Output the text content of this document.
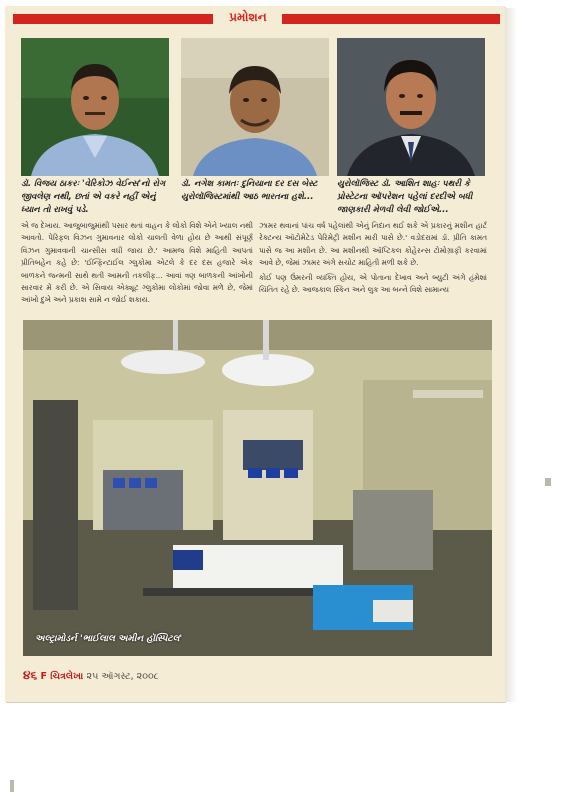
પ્રમોશન
ડૉ. વિજય ઠાકરઃ 'વેરિકોઝ વેઈન્સ'નો રોગ જીવલેણ નથી, છતાં એ વકરે નહીં એનું ધ્યાન તો રાખવું પડે.
ડૉ. નગેશ કામતઃ દુનિયાના દર દસ બેસ્ટ યુરોલૉજિસ્ટમાંથી આઠ ભારતના હશે...
યુરોલૉજિસ્ટ ડૉ. આશિત શાહઃ પથરી કે પ્રોસ્ટેટના ઑપરેશન પહેલાં દરદીએ બધી જાણકારી મેળવી લેવી જોઈએ...

એ જ દેખાય. આજુબાજુમાંથી પસાર થતાં વાહન કે લોકો વિશે એને ખ્યાલ નથી આવતો. પેરિફલ વિઝન ગુમાવનાર લોકો ચાલતી વેળા હોય છે આથી સંપૂર્ણ વિઝન ગુમાવવાની ચાન્સીસ વધી જાય છે.' આમજ વિશે માહિતી આપતાં પ્રીતિબહેન કહે છે: 'ઈન્ફિન્ટાઈલ ગ્લુકોમા એટલે કે દર દસ હજારે એક બાળકને જન્મની સાથે થતી આમની તકલીફ... આવાં ત્રણ બાળકની આંખોની સારવાર મેં કરી છે. એ સિવાય એક્યૂટ ગ્લુકોમા લોકોમાં જોવા મળે છે, જેમાં આંખો દુખે અને પ્રકાશ સામે ન જોઈ શકાય.

ઝામર થવાનાં પાંચ વર્ષ પહેલાંથી એનું નિદાન થઈ શકે એ પ્રકારનું મશીન હાર્ટ રેક્ટન્ય ઑટોમેટેડ પેરિમેટ્રી મશીન મારી પાસે છે.' વડોદરામાં ડૉ. પ્રીતિ કામત પાસે જ આ મશીન છે. આ મશીનથી ઑપ્ટિકલ કોહેરન્સ ટોમોગ્રાફી કરવામાં આવે છે, જેમાં ઝામર અંગે સચોટ માહિતી મળી શકે છે.

કોઈ પણ ઉંમરની વ્યક્તિ હોય, એ પોતાના દેખાવ અને બ્યુટી અંગે હંમેશાં ચિંતિત રહે છે. આજકાલ સ્કિન અને લુક આ બન્ને વિશે સામાન્ય

અલ્ટ્રામોડર્ન 'ભાઈલાલ અમીન હૉસ્પિટલ'
૪૬ F ચિત્રલેખા ૨૫ ઑગસ્ટ, ૨૦૦૮
